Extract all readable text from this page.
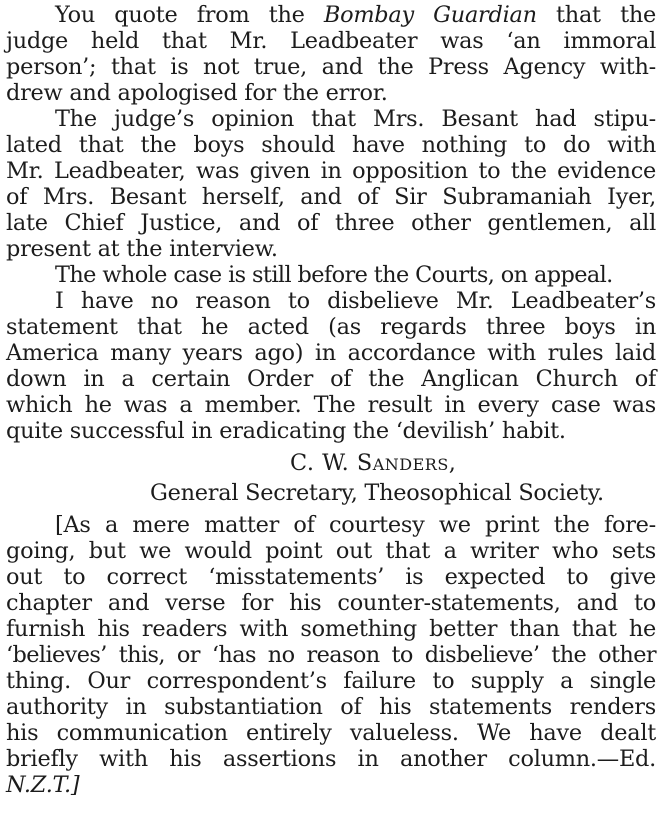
You quote from the Bombay Guardian that the
judge held that Mr. Leadbeater was ‘an immoral
person’; that is not true, and the Press Agency with-
drew and apologised for the error.
The judge’s opinion that Mrs. Besant had stipu-
lated that the boys should have nothing to do with
Mr. Leadbeater, was given in opposition to the evidence
of Mrs. Besant herself, and of Sir Subramaniah Iyer,
late Chief Justice, and of three other gentlemen, all
present at the interview.
The whole case is still before the Courts, on appeal.
I have no reason to disbelieve Mr. Leadbeater’s
statement that he acted (as regards three boys in
America many years ago) in accordance with rules laid
down in a certain Order of the Anglican Church of
which he was a member. The result in every case was
quite successful in eradicating the ‘devilish’ habit.
C. W. Sanders,
General Secretary, Theosophical Society.
[As a mere matter of courtesy we print the fore-
going, but we would point out that a writer who sets
out to correct ‘misstatements’ is expected to give
chapter and verse for his counter-statements, and to
furnish his readers with something better than that he
‘believes’ this, or ‘has no reason to disbelieve’ the other
thing. Our correspondent’s failure to supply a single
authority in substantiation of his statements renders
his communication entirely valueless. We have dealt
briefly with his assertions in another column.—Ed.
N.Z.T.]
